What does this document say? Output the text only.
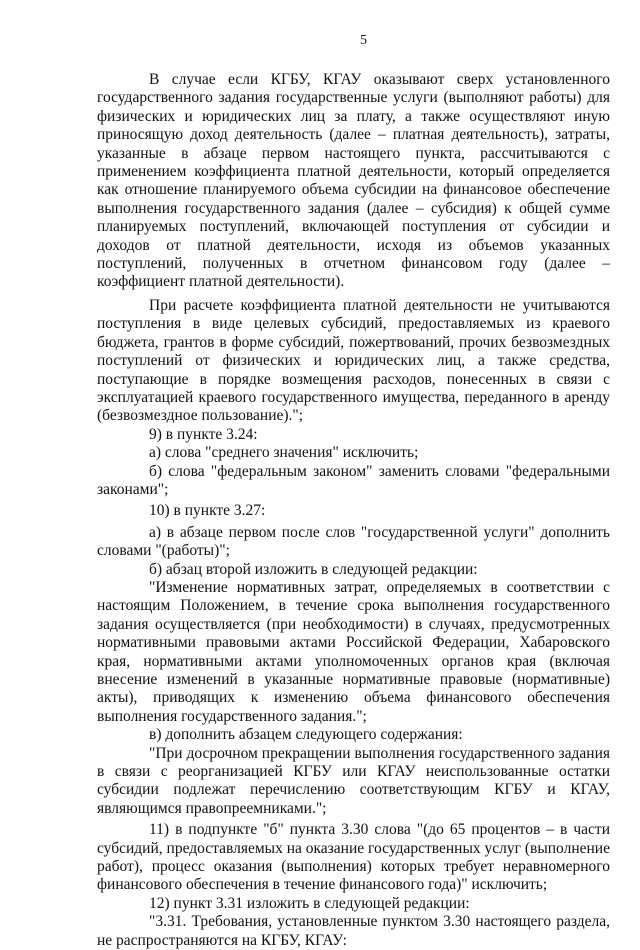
5

В случае если КГБУ, КГАУ оказывают сверх установленного государственного задания государственные услуги (выполняют работы) для физических и юридических лиц за плату, а также осуществляют иную приносящую доход деятельность (далее – платная деятельность), затраты, указанные в абзаце первом настоящего пункта, рассчитываются с применением коэффициента платной деятельности, который определяется как отношение планируемого объема субсидии на финансовое обеспечение выполнения государственного задания (далее – субсидия) к общей сумме планируемых поступлений, включающей поступления от субсидии и доходов от платной деятельности, исходя из объемов указанных поступлений, полученных в отчетном финансовом году (далее – коэффициент платной деятельности).

При расчете коэффициента платной деятельности не учитываются поступления в виде целевых субсидий, предоставляемых из краевого бюджета, грантов в форме субсидий, пожертвований, прочих безвозмездных поступлений от физических и юридических лиц, а также средства, поступающие в порядке возмещения расходов, понесенных в связи с эксплуатацией краевого государственного имущества, переданного в аренду (безвозмездное пользование).";

9) в пункте 3.24:

а) слова "среднего значения" исключить;

б) слова "федеральным законом" заменить словами "федеральными законами";

10) в пункте 3.27:

а) в абзаце первом после слов "государственной услуги" дополнить словами "(работы)";

б) абзац второй изложить в следующей редакции:

"Изменение нормативных затрат, определяемых в соответствии с настоящим Положением, в течение срока выполнения государственного задания осуществляется (при необходимости) в случаях, предусмотренных нормативными правовыми актами Российской Федерации, Хабаровского края, нормативными актами уполномоченных органов края (включая внесение изменений в указанные нормативные правовые (нормативные) акты), приводящих к изменению объема финансового обеспечения выполнения государственного задания.";

в) дополнить абзацем следующего содержания:

"При досрочном прекращении выполнения государственного задания в связи с реорганизацией КГБУ или КГАУ неиспользованные остатки субсидии подлежат перечислению соответствующим КГБУ и КГАУ, являющимся правопреемниками.";

11) в подпункте "б" пункта 3.30 слова "(до 65 процентов – в части субсидий, предоставляемых на оказание государственных услуг (выполнение работ), процесс оказания (выполнения) которых требует неравномерного финансового обеспечения в течение финансового года)" исключить;

12) пункт 3.31 изложить в следующей редакции:

"3.31. Требования, установленные пунктом 3.30 настоящего раздела, не распространяются на КГБУ, КГАУ:
